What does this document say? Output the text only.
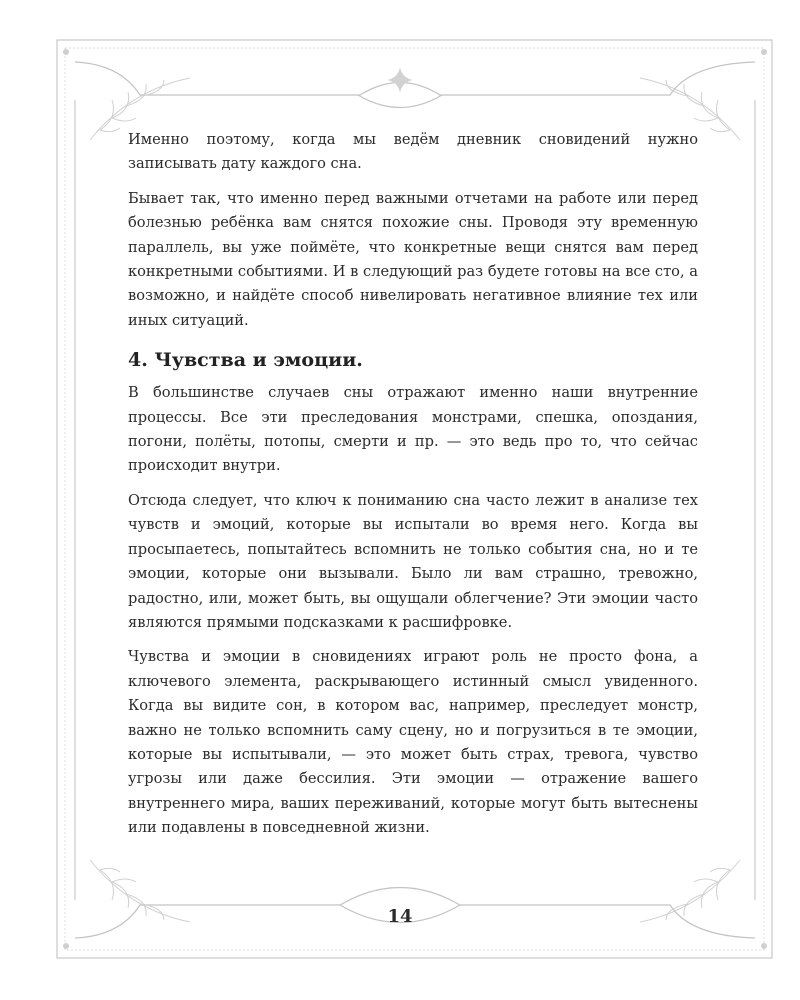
Именно поэтому, когда мы ведём дневник сновидений нужно записывать дату каждого сна.

Бывает так, что именно перед важными отчетами на работе или перед болезнью ребёнка вам снятся похожие сны. Проводя эту временную параллель, вы уже поймёте, что конкретные вещи снятся вам перед конкретными событиями. И в следующий раз будете готовы на все сто, а возможно, и найдёте способ нивелировать негативное влияние тех или иных ситуаций.

4. Чувства и эмоции.

В большинстве случаев сны отражают именно наши внутренние процессы. Все эти преследования монстрами, спешка, опоздания, погони, полёты, потопы, смерти и пр. — это ведь про то, что сейчас происходит внутри.

Отсюда следует, что ключ к пониманию сна часто лежит в анализе тех чувств и эмоций, которые вы испытали во время него. Когда вы просыпаетесь, попытайтесь вспомнить не только события сна, но и те эмоции, которые они вызывали. Было ли вам страшно, тревожно, радостно, или, может быть, вы ощущали облегчение? Эти эмоции часто являются прямыми подсказками к расшифровке.

Чувства и эмоции в сновидениях играют роль не просто фона, а ключевого элемента, раскрывающего истинный смысл увиденного. Когда вы видите сон, в котором вас, например, преследует монстр, важно не только вспомнить саму сцену, но и погрузиться в те эмоции, которые вы испытывали, — это может быть страх, тревога, чувство угрозы или даже бессилия. Эти эмоции — отражение вашего внутреннего мира, ваших переживаний, которые могут быть вытеснены или подавлены в повседневной жизни.

14
